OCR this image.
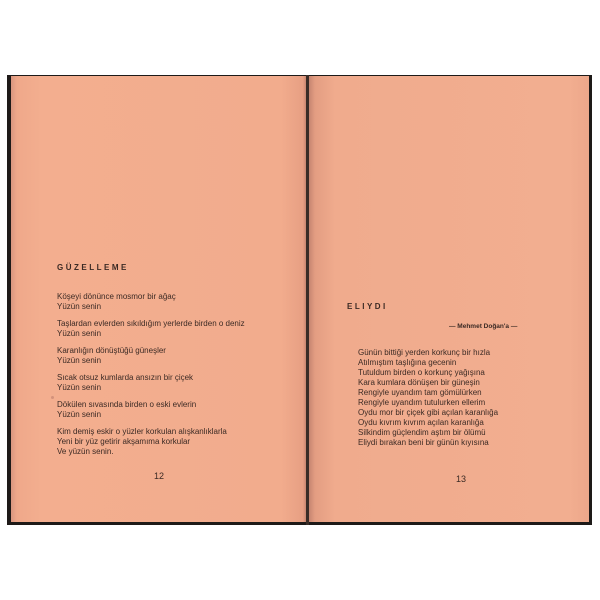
GÜZELLEME
Köşeyi dönünce mosmor bir ağaç
Yüzün senin
Taşlardan evlerden sıkıldığım yerlerde birden o deniz
Yüzün senin
Karanlığın dönüştüğü güneşler
Yüzün senin
Sıcak otsuz kumlarda ansızın bir çiçek
Yüzün senin
Dökülen sıvasında birden o eski evlerin
Yüzün senin
Kim demiş eskir o yüzler korkulan alışkanlıklarla
Yeni bir yüz getirir akşamıma korkular
Ve yüzün senin.
12
ELIYDI
— Mehmet Doğan'a —
Günün bittiği yerden korkunç bir hızla
Atılmıştım taşlığına gecenin
Tutuldum birden o korkunç yağışına
Kara kumlara dönüşen bir güneşin
Rengiyle uyandım tam gömülürken
Rengiyle uyandım tutulurken ellerim
Oydu mor bir çiçek gibi açılan karanlığa
Oydu kıvrım kıvrım açılan karanlığa
Silkindim güçlendim aştım bir ölümü
Eliydi bırakan beni bir günün kıyısına
13
